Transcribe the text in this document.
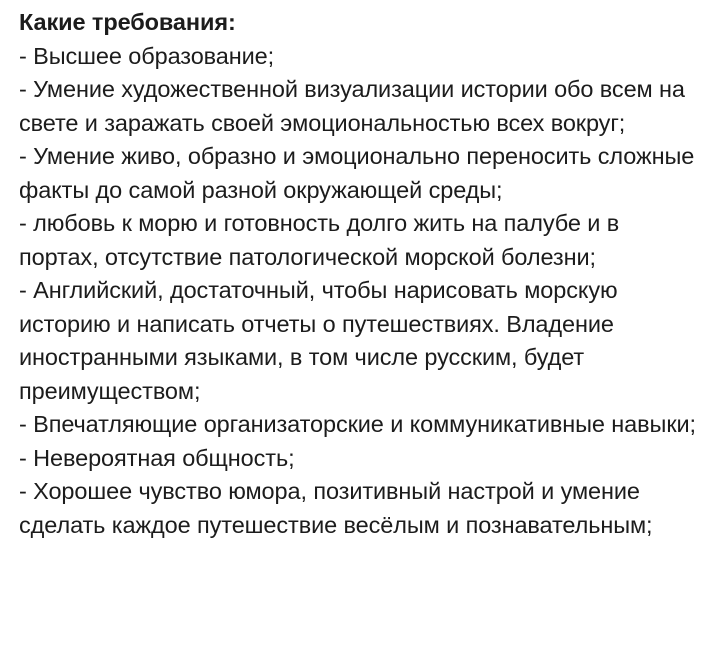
Какие требования:
- Высшее образование;
- Умение художественной визуализации истории обо всем на свете и заражать своей эмоциональностью всех вокруг;
- Умение живо, образно и эмоционально переносить сложные факты до самой разной окружающей среды;
- любовь к морю и готовность долго жить на палубе и в портах, отсутствие патологической морской болезни;
- Английский, достаточный, чтобы нарисовать морскую историю и написать отчеты о путешествиях. Владение иностранными языками, в том числе русским, будет преимуществом;
- Впечатляющие организаторские и коммуникативные навыки;
- Невероятная общность;
- Хорошее чувство юмора, позитивный настрой и умение сделать каждое путешествие весёлым и познавательным;
